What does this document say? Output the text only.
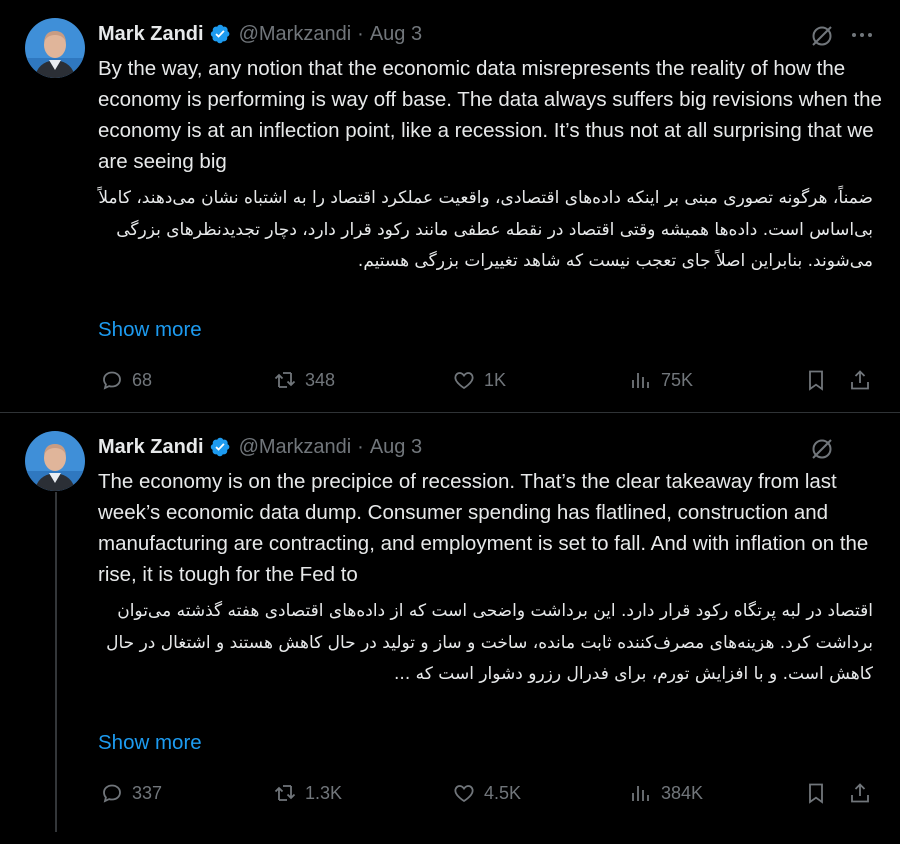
Mark Zandi @Markzandi · Aug 3
By the way, any notion that the economic data misrepresents the reality of how the economy is performing is way off base. The data always suffers big revisions when the economy is at an inflection point, like a recession. It’s thus not at all surprising that we are seeing big
ضمناً، هرگونه تصوری مبنی بر اینکه داده‌های اقتصادی، واقعیت عملکرد اقتصاد را به اشتباه نشان می‌دهند، کاملاً بی‌اساس است. داده‌ها همیشه وقتی اقتصاد در نقطه عطفی مانند رکود قرار دارد، دچار تجدیدنظرهای بزرگی می‌شوند. بنابراین اصلاً جای تعجب نیست که شاهد تغییرات بزرگی هستیم.
Show more
68	348	1K	75K
Mark Zandi @Markzandi · Aug 3
The economy is on the precipice of recession. That’s the clear takeaway from last week’s economic data dump. Consumer spending has flatlined, construction and manufacturing are contracting, and employment is set to fall. And with inflation on the rise, it is tough for the Fed to
اقتصاد در لبه پرتگاه رکود قرار دارد. این برداشت واضحی است که از داده‌های اقتصادی هفته گذشته می‌توان برداشت کرد. هزینه‌های مصرف‌کننده ثابت مانده، ساخت و ساز و تولید در حال کاهش هستند و اشتغال در حال کاهش است. و با افزایش تورم، برای فدرال رزرو دشوار است که ...
Show more
337	1.3K	4.5K	384K
